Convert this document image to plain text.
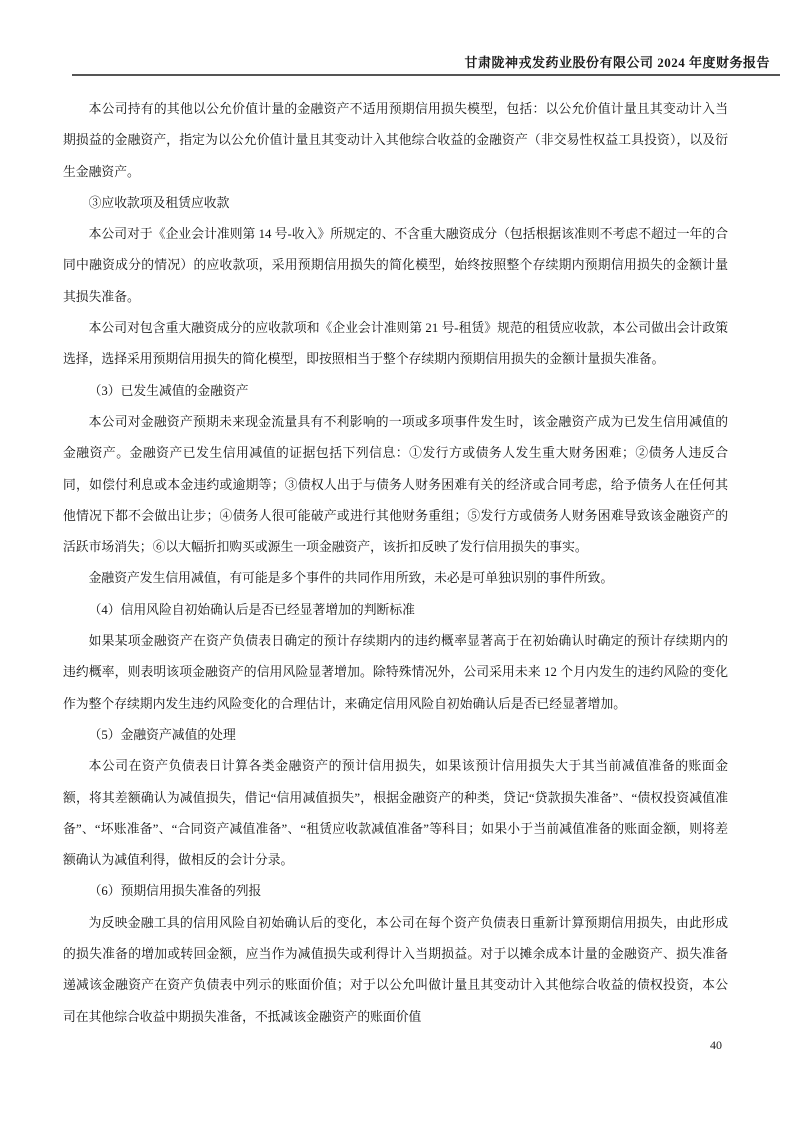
甘肃陇神戎发药业股份有限公司 2024 年度财务报告

本公司持有的其他以公允价值计量的金融资产不适用预期信用损失模型，包括：以公允价值计量且其变动计入当期损益的金融资产，指定为以公允价值计量且其变动计入其他综合收益的金融资产（非交易性权益工具投资），以及衍生金融资产。

③应收款项及租赁应收款

本公司对于《企业会计准则第 14 号-收入》所规定的、不含重大融资成分（包括根据该准则不考虑不超过一年的合同中融资成分的情况）的应收款项，采用预期信用损失的简化模型，始终按照整个存续期内预期信用损失的金额计量其损失准备。

本公司对包含重大融资成分的应收款项和《企业会计准则第 21 号-租赁》规范的租赁应收款，本公司做出会计政策选择，选择采用预期信用损失的简化模型，即按照相当于整个存续期内预期信用损失的金额计量损失准备。

（3）已发生减值的金融资产

本公司对金融资产预期未来现金流量具有不利影响的一项或多项事件发生时，该金融资产成为已发生信用减值的金融资产。金融资产已发生信用减值的证据包括下列信息：①发行方或债务人发生重大财务困难；②债务人违反合同，如偿付利息或本金违约或逾期等；③债权人出于与债务人财务困难有关的经济或合同考虑，给予债务人在任何其他情况下都不会做出让步；④债务人很可能破产或进行其他财务重组；⑤发行方或债务人财务困难导致该金融资产的活跃市场消失；⑥以大幅折扣购买或源生一项金融资产，该折扣反映了发行信用损失的事实。

金融资产发生信用减值，有可能是多个事件的共同作用所致，未必是可单独识别的事件所致。

（4）信用风险自初始确认后是否已经显著增加的判断标准

如果某项金融资产在资产负债表日确定的预计存续期内的违约概率显著高于在初始确认时确定的预计存续期内的违约概率，则表明该项金融资产的信用风险显著增加。除特殊情况外，公司采用未来 12 个月内发生的违约风险的变化作为整个存续期内发生违约风险变化的合理估计，来确定信用风险自初始确认后是否已经显著增加。

（5）金融资产减值的处理

本公司在资产负债表日计算各类金融资产的预计信用损失，如果该预计信用损失大于其当前减值准备的账面金额，将其差额确认为减值损失，借记“信用减值损失”，根据金融资产的种类，贷记“贷款损失准备”、“债权投资减值准备”、“坏账准备”、“合同资产减值准备”、“租赁应收款减值准备”等科目；如果小于当前减值准备的账面金额，则将差额确认为减值利得，做相反的会计分录。

（6）预期信用损失准备的列报

为反映金融工具的信用风险自初始确认后的变化，本公司在每个资产负债表日重新计算预期信用损失，由此形成的损失准备的增加或转回金额，应当作为减值损失或利得计入当期损益。对于以摊余成本计量的金融资产、损失准备递减该金融资产在资产负债表中列示的账面价值；对于以公允叫做计量且其变动计入其他综合收益的债权投资，本公司在其他综合收益中期损失准备，不抵减该金融资产的账面价值

40
